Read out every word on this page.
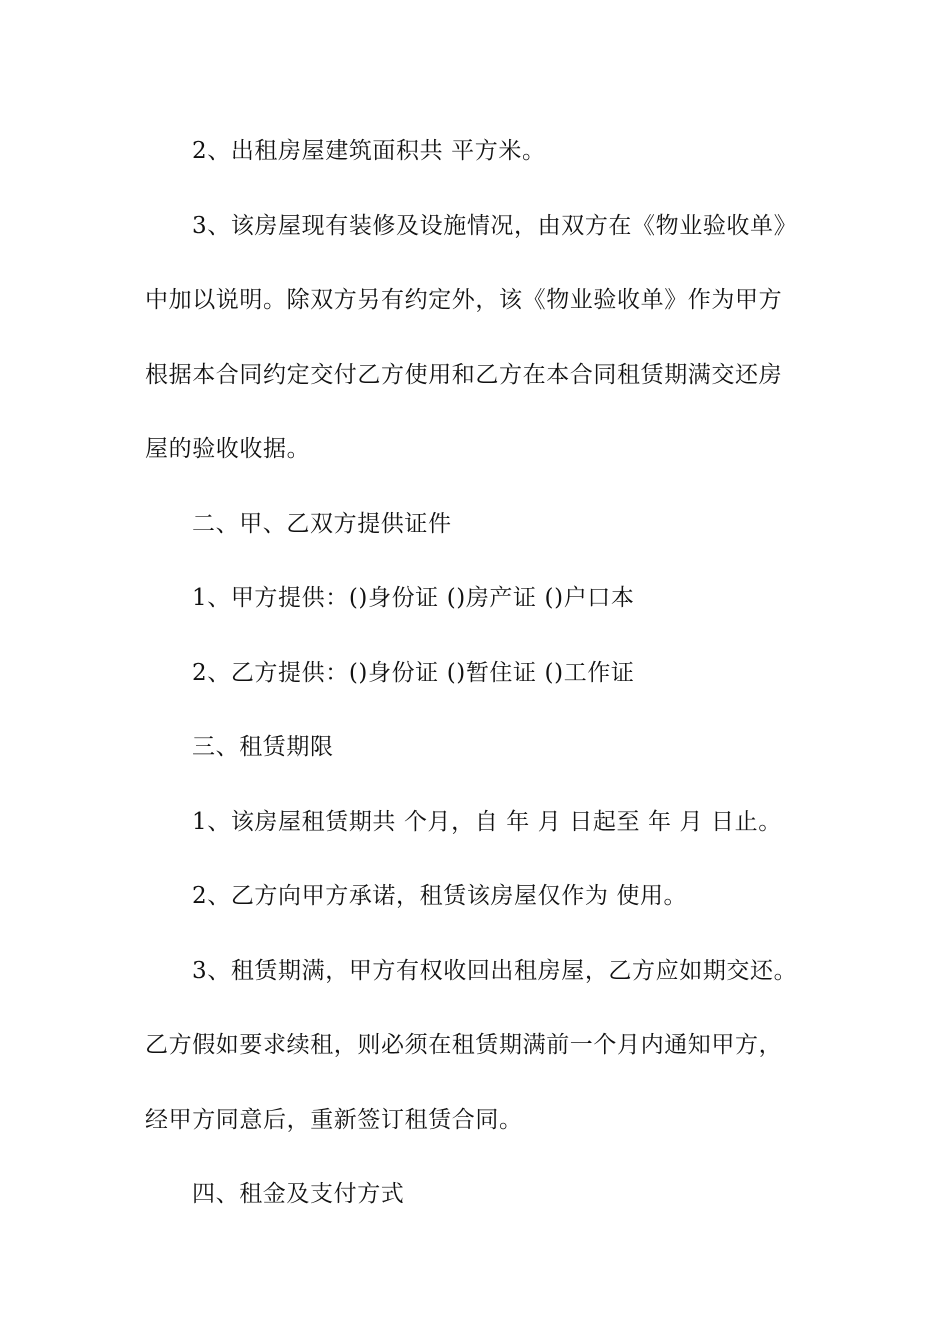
2、出租房屋建筑面积共 平方米。
3、该房屋现有装修及设施情况，由双方在《物业验收单》
中加以说明。除双方另有约定外，该《物业验收单》作为甲方
根据本合同约定交付乙方使用和乙方在本合同租赁期满交还房
屋的验收收据。
二、甲、乙双方提供证件
1、甲方提供：()身份证 ()房产证 ()户口本
2、乙方提供：()身份证 ()暂住证 ()工作证
三、租赁期限
1、该房屋租赁期共 个月，自 年 月 日起至 年 月 日止。
2、乙方向甲方承诺，租赁该房屋仅作为 使用。
3、租赁期满，甲方有权收回出租房屋，乙方应如期交还。
乙方假如要求续租，则必须在租赁期满前一个月内通知甲方，
经甲方同意后，重新签订租赁合同。
四、租金及支付方式
